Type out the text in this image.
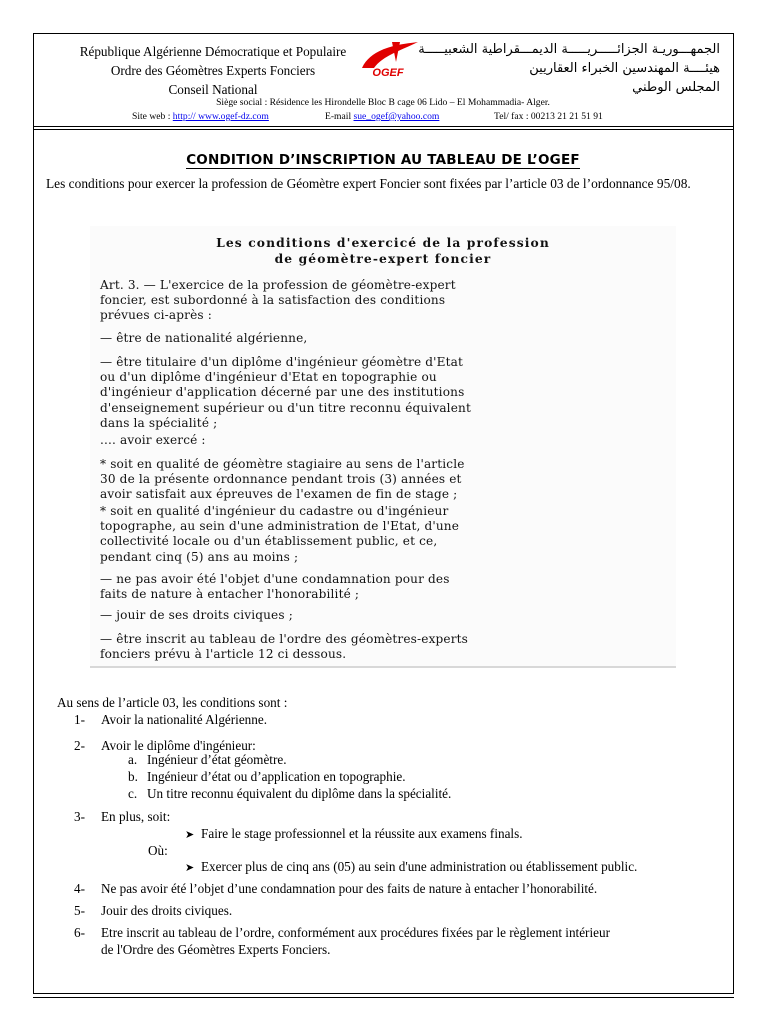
République Algérienne Démocratique et Populaire
Ordre des Géomètres Experts Fonciers
Conseil National
OGEF
الجمهـــوريـة الجزائـــــريـــــة الديمـــقراطية الشعبيـــــة
هيئــــة المهندسين الخبراء العقاريين
المجلس الوطني
Siège social : Résidence les Hirondelle Bloc B cage 06 Lido – El Mohammadia- Alger.
Site web : http:// www.ogef-dz.com	E-mail sue_ogef@yahoo.com	Tel/ fax : 00213 21 21 51 91
CONDITION D’INSCRIPTION AU TABLEAU DE L’OGEF
Les conditions pour exercer la profession de Géomètre expert Foncier sont fixées par l’article 03 de l’ordonnance 95/08.
Les conditions d'exercicé de la profession
de géomètre-expert foncier
Art. 3. — L'exercice de la profession de géomètre-expert
foncier, est subordonné à la satisfaction des conditions
prévues ci-après :
— être de nationalité algérienne,
— être titulaire d'un diplôme d'ingénieur géomètre d'Etat
ou d'un diplôme d'ingénieur d'Etat en topographie ou
d'ingénieur d'application décerné par une des institutions
d'enseignement supérieur ou d'un titre reconnu équivalent
dans la spécialité ;
.... avoir exercé :
* soit en qualité de géomètre stagiaire au sens de l'article
30 de la présente ordonnance pendant trois (3) années et
avoir satisfait aux épreuves de l'examen de fin de stage ;
* soit en qualité d'ingénieur du cadastre ou d'ingénieur
topographe, au sein d'une administration de l'Etat, d'une
collectivité locale ou d'un établissement public, et ce,
pendant cinq (5) ans au moins ;
— ne pas avoir été l'objet d'une condamnation pour des
faits de nature à entacher l'honorabilité ;
— jouir de ses droits civiques ;
— être inscrit au tableau de l'ordre des géomètres-experts
fonciers prévu à l'article 12 ci dessous.
Au sens de l’article 03, les conditions sont :
1- Avoir la nationalité Algérienne.
2- Avoir le diplôme d'ingénieur:
a. Ingénieur d’état géomètre.
b. Ingénieur d’état ou d’application en topographie.
c. Un titre reconnu équivalent du diplôme dans la spécialité.
3- En plus, soit:
➤ Faire le stage professionnel et la réussite aux examens finals.
Où:
➤ Exercer plus de cinq ans (05) au sein d'une administration ou établissement public.
4- Ne pas avoir été l’objet d’une condamnation pour des faits de nature à entacher l’honorabilité.
5- Jouir des droits civiques.
6- Etre inscrit au tableau de l’ordre, conformément aux procédures fixées par le règlement intérieur
de l'Ordre des Géomètres Experts Fonciers.
